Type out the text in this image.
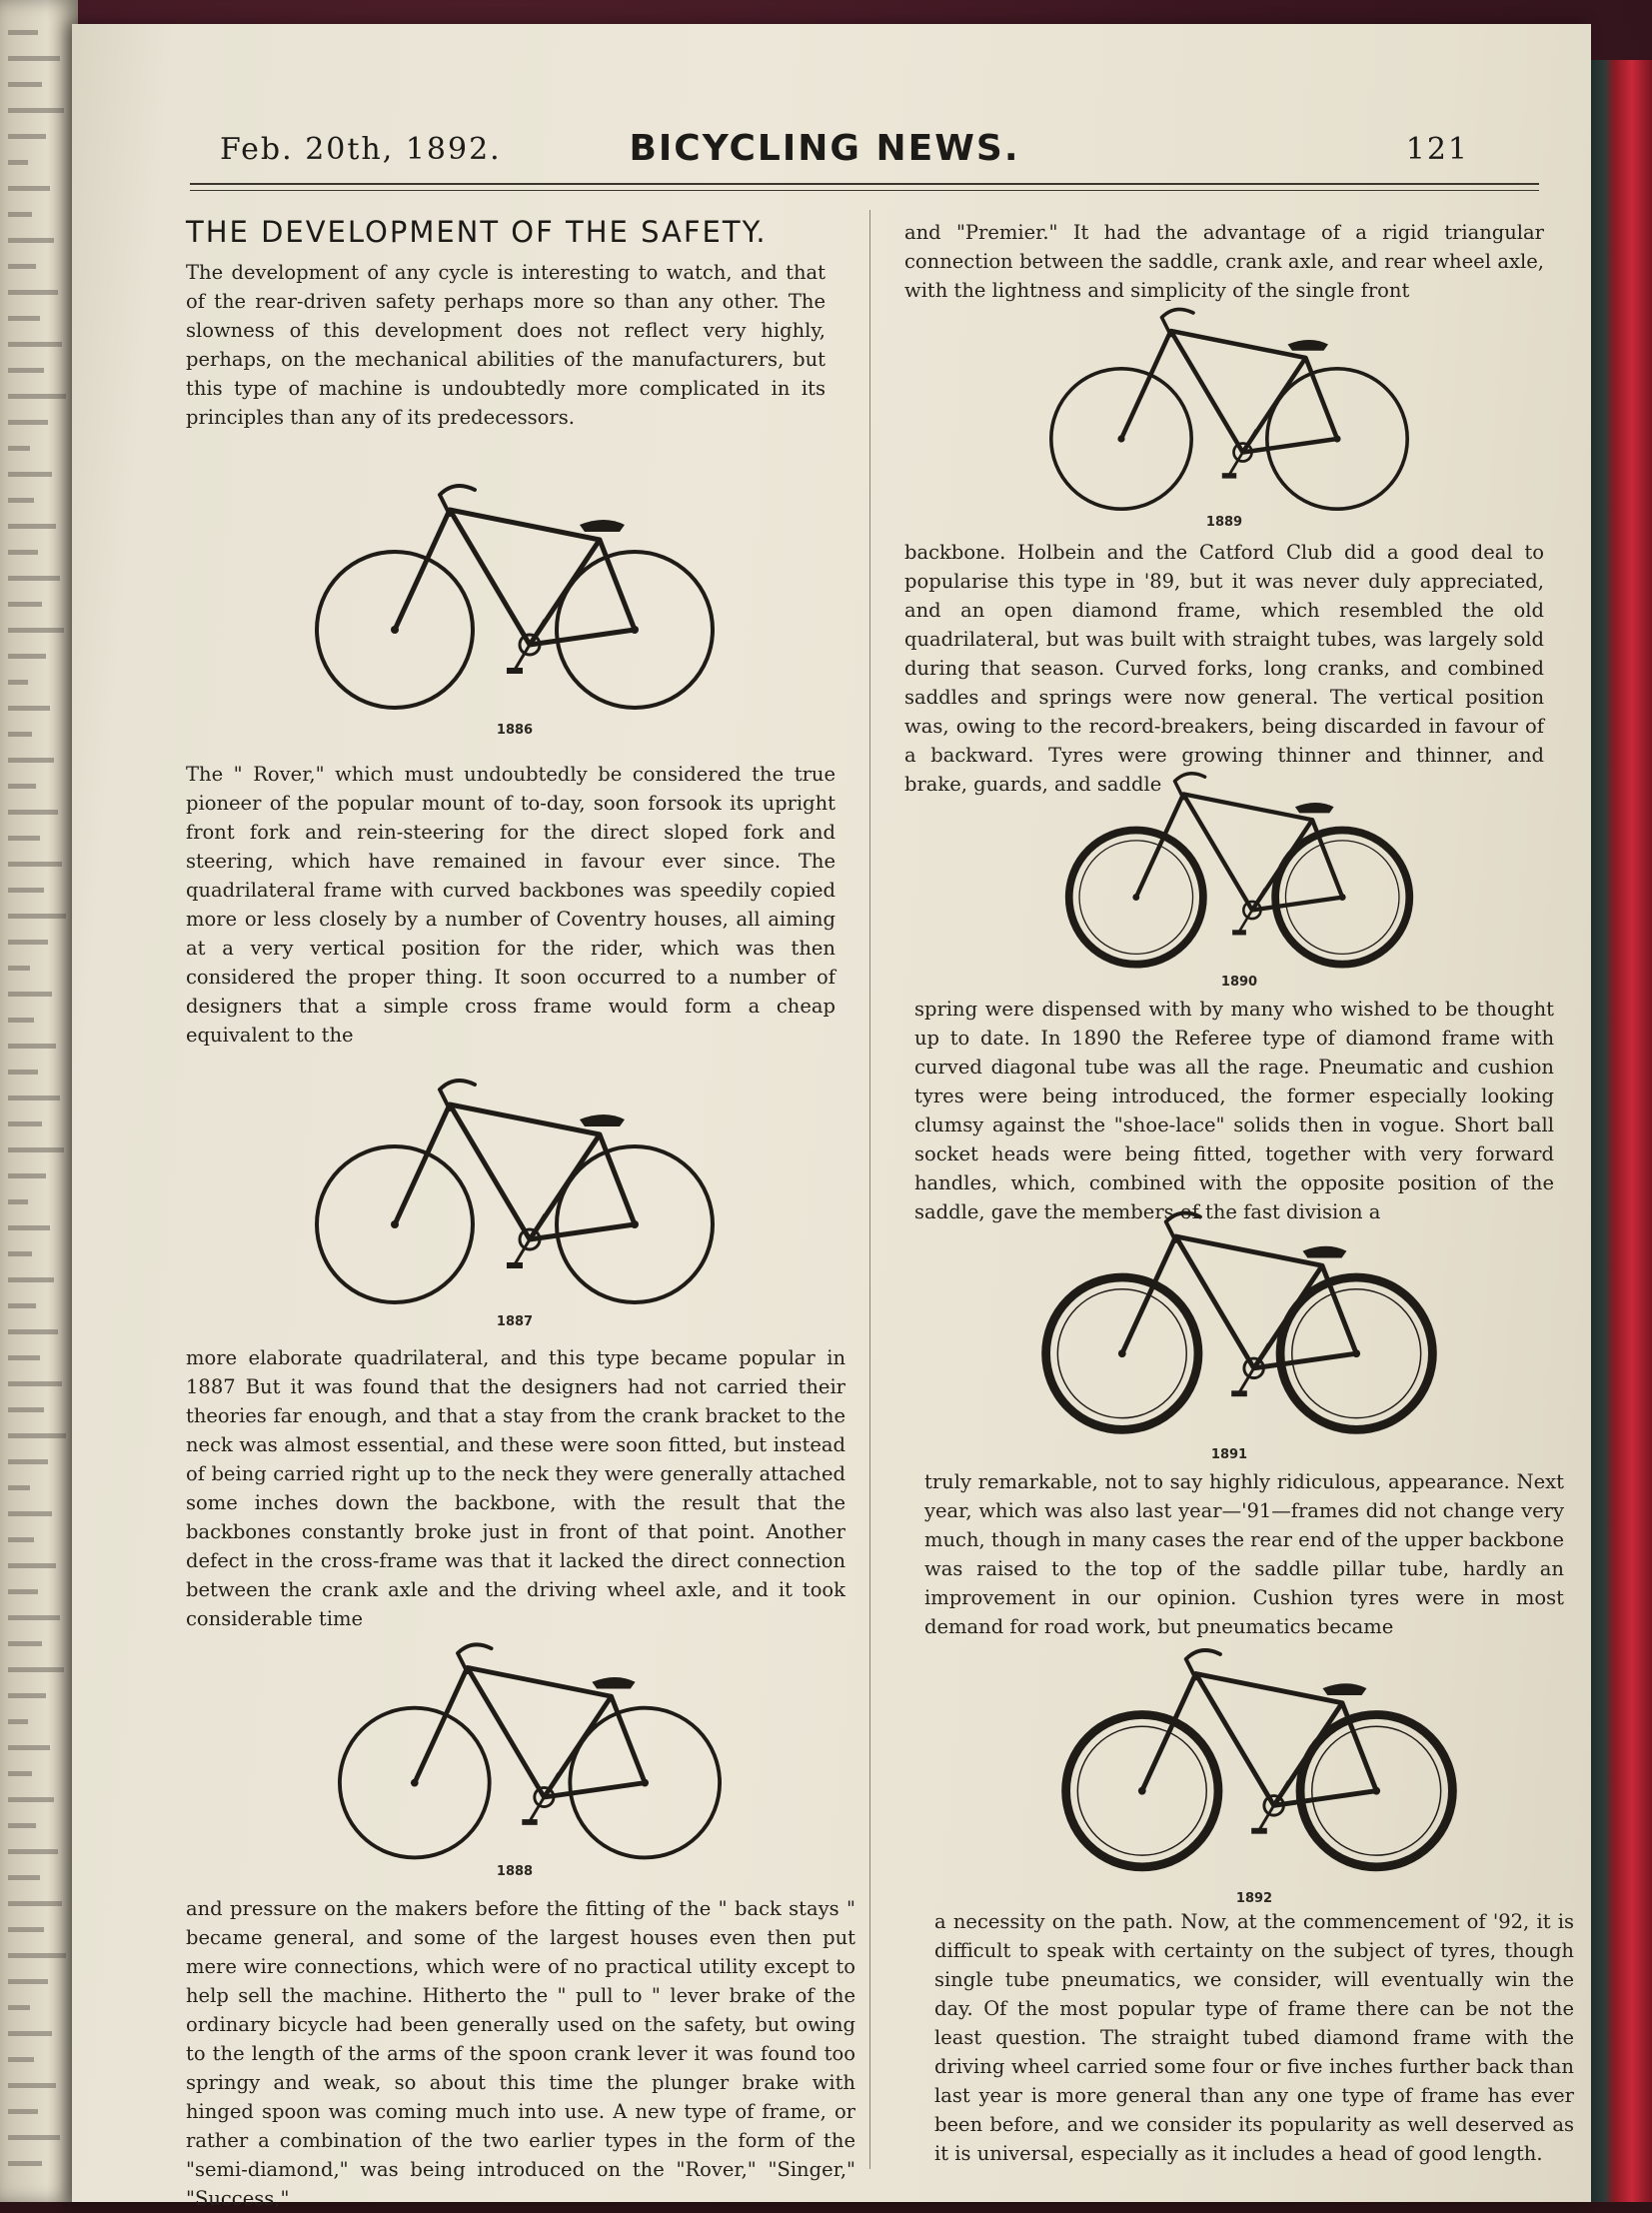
Feb. 20th, 1892.	BICYCLING NEWS.	121
THE DEVELOPMENT OF THE SAFETY.

The development of any cycle is interesting to watch, and that of the rear-driven safety perhaps more so than any other. The slowness of this development does not reflect very highly, perhaps, on the mechanical abilities of the manufacturers, but this type of machine is undoubtedly more complicated in its principles than any of its predecessors.

1886

The " Rover," which must undoubtedly be considered the true pioneer of the popular mount of to-day, soon forsook its upright front fork and rein-steering for the direct sloped fork and steering, which have remained in favour ever since. The quadrilateral frame with curved backbones was speedily copied more or less closely by a number of Coventry houses, all aiming at a very vertical position for the rider, which was then considered the proper thing. It soon occurred to a number of designers that a simple cross frame would form a cheap equivalent to the

1887

more elaborate quadrilateral, and this type became popular in 1887 But it was found that the designers had not carried their theories far enough, and that a stay from the crank bracket to the neck was almost essential, and these were soon fitted, but instead of being carried right up to the neck they were generally attached some inches down the backbone, with the result that the backbones constantly broke just in front of that point. Another defect in the cross-frame was that it lacked the direct connection between the crank axle and the driving wheel axle, and it took considerable time

1888

and pressure on the makers before the fitting of the " back stays " became general, and some of the largest houses even then put mere wire connections, which were of no practical utility except to help sell the machine. Hitherto the " pull to " lever brake of the ordinary bicycle had been generally used on the safety, but owing to the length of the arms of the spoon crank lever it was found too springy and weak, so about this time the plunger brake with hinged spoon was coming much into use. A new type of frame, or rather a combination of the two earlier types in the form of the "semi-diamond," was being introduced on the "Rover," "Singer," "Success,"

and "Premier." It had the advantage of a rigid triangular connection between the saddle, crank axle, and rear wheel axle, with the lightness and simplicity of the single front

1889

backbone. Holbein and the Catford Club did a good deal to popularise this type in '89, but it was never duly appreciated, and an open diamond frame, which resembled the old quadrilateral, but was built with straight tubes, was largely sold during that season. Curved forks, long cranks, and combined saddles and springs were now general. The vertical position was, owing to the record-breakers, being discarded in favour of a backward. Tyres were growing thinner and thinner, and brake, guards, and saddle

1890

spring were dispensed with by many who wished to be thought up to date. In 1890 the Referee type of diamond frame with curved diagonal tube was all the rage. Pneumatic and cushion tyres were being introduced, the former especially looking clumsy against the "shoe-lace" solids then in vogue. Short ball socket heads were being fitted, together with very forward handles, which, combined with the opposite position of the saddle, gave the members of the fast division a

1891

truly remarkable, not to say highly ridiculous, appearance. Next year, which was also last year—'91—frames did not change very much, though in many cases the rear end of the upper backbone was raised to the top of the saddle pillar tube, hardly an improvement in our opinion. Cushion tyres were in most demand for road work, but pneumatics became

1892

a necessity on the path. Now, at the commencement of '92, it is difficult to speak with certainty on the subject of tyres, though single tube pneumatics, we consider, will eventually win the day. Of the most popular type of frame there can be not the least question. The straight tubed diamond frame with the driving wheel carried some four or five inches further back than last year is more general than any one type of frame has ever been before, and we consider its popularity as well deserved as it is universal, especially as it includes a head of good length.
